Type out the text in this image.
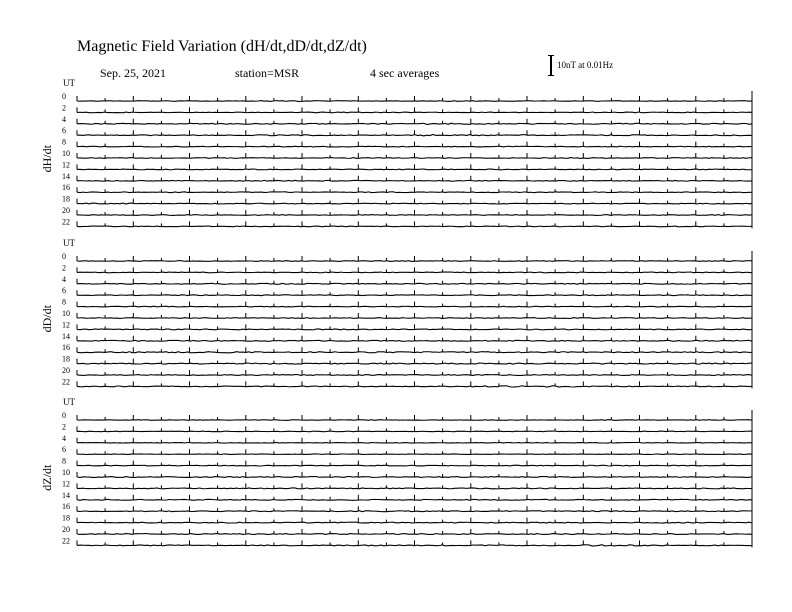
Magnetic Field Variation (dH/dt,dD/dt,dZ/dt)
Sep. 25, 2021	station=MSR	4 sec averages
10nT at 0.01Hz
UT
dH/dt
0
2
4
6
8
10
12
14
16
18
20
22
UT
dD/dt
0
2
4
6
8
10
12
14
16
18
20
22
UT
dZ/dt
0
2
4
6
8
10
12
14
16
18
20
22
